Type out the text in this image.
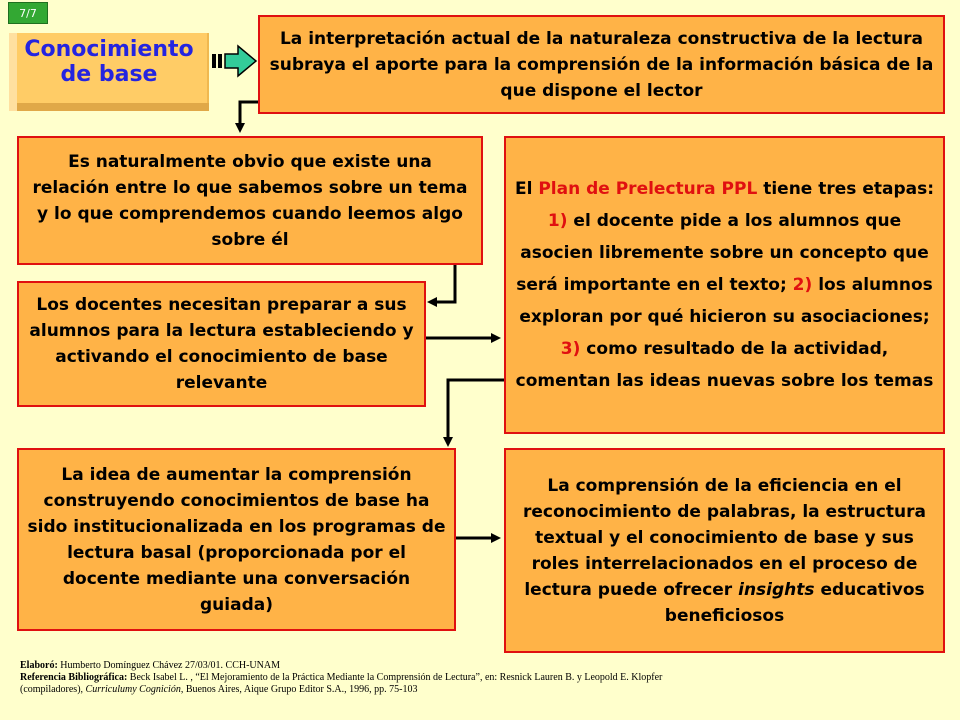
7/7
Conocimiento de base

La interpretación actual de la naturaleza constructiva de la lectura subraya el aporte para la comprensión de la información básica de la que dispone el lector

Es naturalmente obvio que existe una relación entre lo que sabemos sobre un tema y lo que comprendemos cuando leemos algo sobre él

Los docentes necesitan preparar a sus alumnos para la lectura estableciendo y activando el conocimiento de base relevante

La idea de aumentar la comprensión construyendo conocimientos de base ha sido institucionalizada en los programas de lectura basal (proporcionada por el docente mediante una conversación guiada)

El Plan de Prelectura PPL tiene tres etapas: 1) el docente pide a los alumnos que asocien libremente sobre un concepto que será importante en el texto; 2) los alumnos exploran por qué hicieron su asociaciones; 3) como resultado de la actividad, comentan las ideas nuevas sobre los temas

La comprensión de la eficiencia en el reconocimiento de palabras, la estructura textual y el conocimiento de base y sus roles interrelacionados en el proceso de lectura puede ofrecer insights educativos beneficiosos

Elaboró: Humberto Domínguez Chávez 27/03/01. CCH-UNAM
Referencia Bibliográfica: Beck Isabel L. , “El Mejoramiento de la Práctica Mediante la Comprensión de Lectura”, en: Resnick Lauren B. y Leopold E. Klopfer
(compiladores), Curriculumy Cognición, Buenos Aires, Aique Grupo Editor S.A., 1996, pp. 75-103
